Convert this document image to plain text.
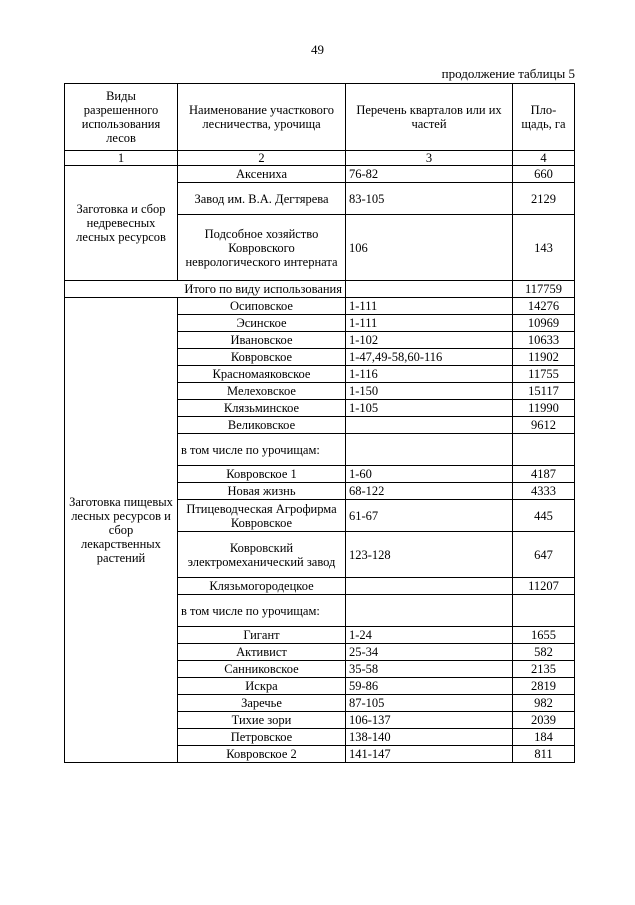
49
продолжение таблицы 5
Виды разрешенного использования лесов	Наименование участкового лесничества, урочища	Перечень кварталов или их частей	Пло-щадь, га
1	2	3	4
Заготовка и сбор недревесных лесных ресурсов	Аксениха	76-82	660
	Завод им. В.А. Дегтярева	83-105	2129
	Подсобное хозяйство Ковровского неврологического интерната	106	143
Итого по виду использования			117759
Заготовка пищевых лесных ресурсов и сбор лекарственных растений	Осиповское	1-111	14276
	Эсинское	1-111	10969
	Ивановское	1-102	10633
	Ковровское	1-47,49-58,60-116	11902
	Красномаяковское	1-116	11755
	Мелеховское	1-150	15117
	Клязьминское	1-105	11990
	Великовское		9612
	в том числе по урочищам:		
	Ковровское 1	1-60	4187
	Новая жизнь	68-122	4333
	Птицеводческая Агрофирма Ковровское	61-67	445
	Ковровский электромеханический завод	123-128	647
	Клязьмогородецкое		11207
	в том числе по урочищам:		
	Гигант	1-24	1655
	Активист	25-34	582
	Санниковское	35-58	2135
	Искра	59-86	2819
	Заречье	87-105	982
	Тихие зори	106-137	2039
	Петровское	138-140	184
	Ковровское 2	141-147	811
